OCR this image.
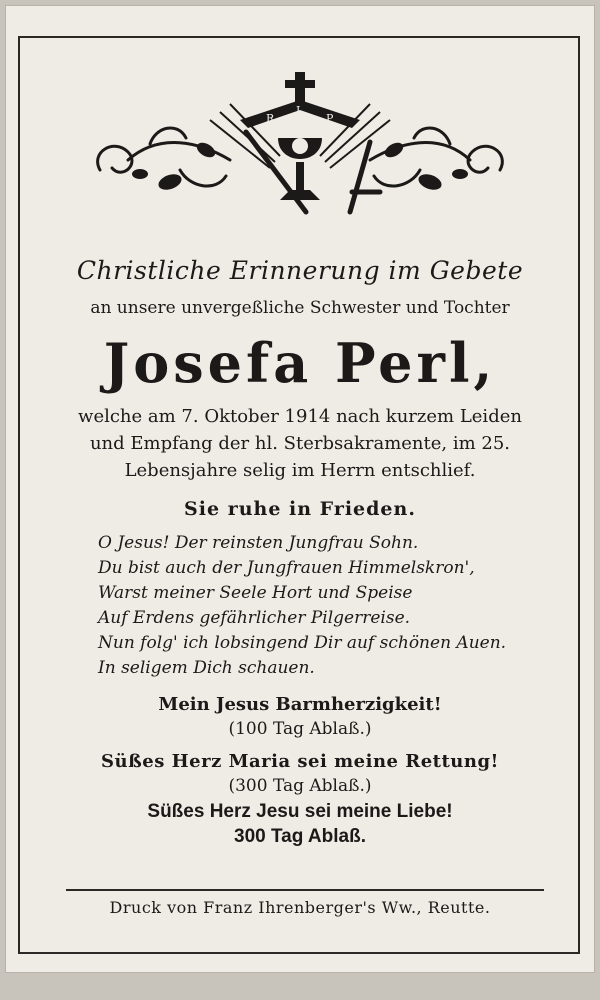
R
I
P
Christliche Erinnerung im Gebete
an unsere unvergeßliche Schwester und Tochter
Josefa Perl,
welche am 7. Oktober 1914 nach kurzem Leiden
und Empfang der hl. Sterbsakramente, im 25.
Lebensjahre selig im Herrn entschlief.
Sie ruhe in Frieden.
O Jesus! Der reinsten Jungfrau Sohn.
Du bist auch der Jungfrauen Himmelskron',
Warst meiner Seele Hort und Speise
Auf Erdens gefährlicher Pilgerreise.
Nun folg' ich lobsingend Dir auf schönen Auen.
In seligem Dich schauen.
Mein Jesus Barmherzigkeit!
(100 Tag Ablaß.)
Süßes Herz Maria sei meine Rettung!
(300 Tag Ablaß.)
Süßes Herz Jesu sei meine Liebe!
300 Tag Ablaß.
Druck von Franz Ihrenberger's Ww., Reutte.
